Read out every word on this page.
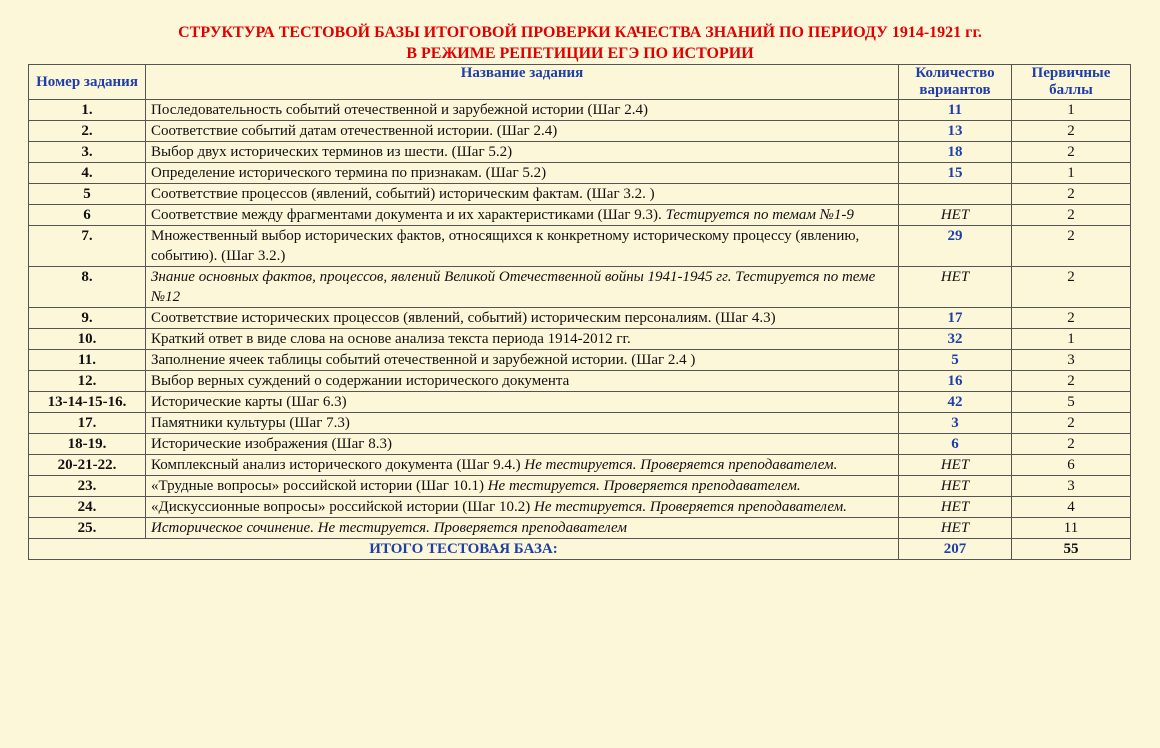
СТРУКТУРА ТЕСТОВОЙ БАЗЫ ИТОГОВОЙ ПРОВЕРКИ КАЧЕСТВА ЗНАНИЙ ПО ПЕРИОДУ 1914-1921 гг.
В РЕЖИМЕ РЕПЕТИЦИИ ЕГЭ ПО ИСТОРИИ
Номер задания	Название задания	Количество вариантов	Первичные баллы
1.	Последовательность событий отечественной и зарубежной истории (Шаг 2.4)	11	1
2.	Соответствие событий датам отечественной истории. (Шаг 2.4)	13	2
3.	Выбор двух исторических терминов из шести. (Шаг 5.2)	18	2
4.	Определение исторического термина по признакам. (Шаг 5.2)	15	1
5	Соответствие процессов (явлений, событий) историческим фактам. (Шаг 3.2. )		2
6	Соответствие между фрагментами документа и их характеристиками (Шаг 9.3). Тестируется по темам №1-9	НЕТ	2
7.	Множественный выбор исторических фактов, относящихся к конкретному историческому процессу (явлению, событию). (Шаг 3.2.)	29	2
8.	Знание основных фактов, процессов, явлений Великой Отечественной войны 1941-1945 гг. Тестируется по теме №12	НЕТ	2
9.	Соответствие исторических процессов (явлений, событий) историческим персоналиям. (Шаг 4.3)	17	2
10.	Краткий ответ в виде слова на основе анализа текста периода 1914-2012 гг.	32	1
11.	Заполнение ячеек таблицы событий отечественной и зарубежной истории. (Шаг 2.4 )	5	3
12.	Выбор верных суждений о содержании исторического документа	16	2
13-14-15-16.	Исторические карты (Шаг 6.3)	42	5
17.	Памятники культуры (Шаг 7.3)	3	2
18-19.	Исторические изображения (Шаг 8.3)	6	2
20-21-22.	Комплексный анализ исторического документа (Шаг 9.4.) Не тестируется. Проверяется преподавателем.	НЕТ	6
23.	«Трудные вопросы» российской истории (Шаг 10.1) Не тестируется. Проверяется преподавателем.	НЕТ	3
24.	«Дискуссионные вопросы» российской истории (Шаг 10.2) Не тестируется. Проверяется преподавателем.	НЕТ	4
25.	Историческое сочинение. Не тестируется. Проверяется преподавателем	НЕТ	11
ИТОГО ТЕСТОВАЯ БАЗА:		207	55
